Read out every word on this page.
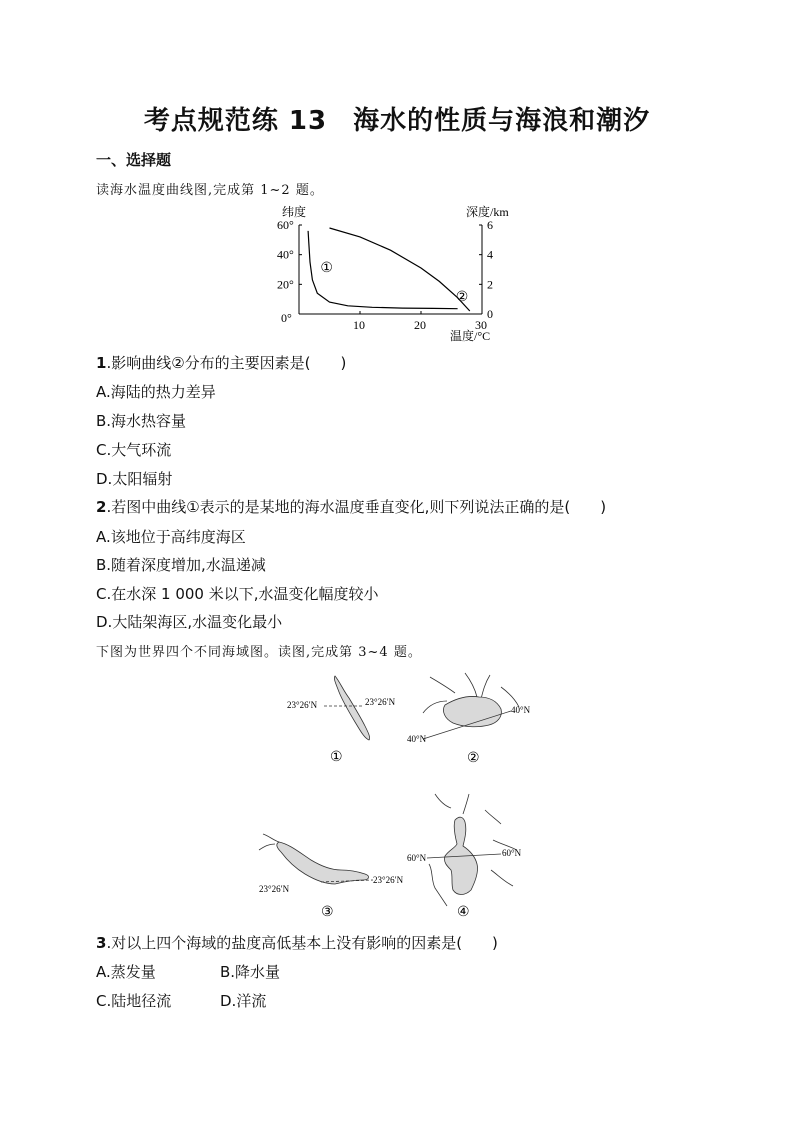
考点规范练 13 海水的性质与海浪和潮汐
一、选择题
读海水温度曲线图,完成第 1~2 题。
纬度	深度/km
温度/°C
0°	10	20	30
20°
40°
60°
0
2
4
6
①
②
1.影响曲线②分布的主要因素是(　　)
A.海陆的热力差异
B.海水热容量
C.大气环流
D.太阳辐射
2.若图中曲线①表示的是某地的海水温度垂直变化,则下列说法正确的是(　　)
A.该地位于高纬度海区
B.随着深度增加,水温递减
C.在水深 1 000 米以下,水温变化幅度较小
D.大陆架海区,水温变化最小
下图为世界四个不同海域图。读图,完成第 3~4 题。
23°26′N	23°26′N
①
40°N
40°N
②
23°26′N
23°26′N
③
60°N	60°N
④
3.对以上四个海域的盐度高低基本上没有影响的因素是(　　)
A.蒸发量	B.降水量
C.陆地径流	D.洋流
